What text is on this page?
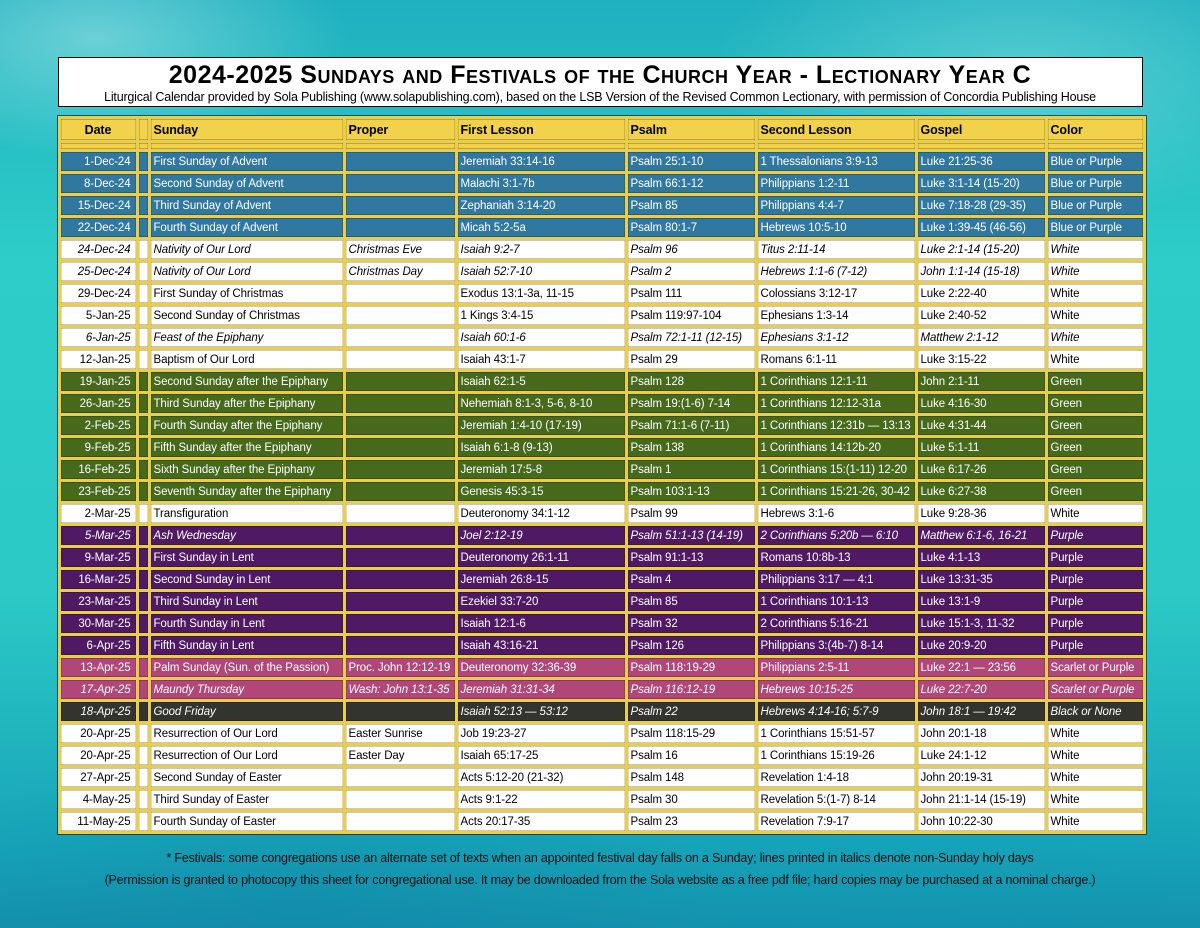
2024-2025 Sundays and Festivals of the Church Year - Lectionary Year C
Liturgical Calendar provided by Sola Publishing (www.solapublishing.com), based on the LSB Version of the Revised Common Lectionary, with permission of Concordia Publishing House
Date		Sunday	Proper	First Lesson	Psalm	Second Lesson	Gospel	Color

1-Dec-24		First Sunday of Advent		Jeremiah 33:14-16	Psalm 25:1-10	1 Thessalonians 3:9-13	Luke 21:25-36	Blue or Purple
8-Dec-24		Second Sunday of Advent		Malachi 3:1-7b	Psalm 66:1-12	Philippians 1:2-11	Luke 3:1-14 (15-20)	Blue or Purple
15-Dec-24		Third Sunday of Advent		Zephaniah 3:14-20	Psalm 85	Philippians 4:4-7	Luke 7:18-28 (29-35)	Blue or Purple
22-Dec-24		Fourth Sunday of Advent		Micah 5:2-5a	Psalm 80:1-7	Hebrews 10:5-10	Luke 1:39-45 (46-56)	Blue or Purple
24-Dec-24		Nativity of Our Lord	Christmas Eve	Isaiah 9:2-7	Psalm 96	Titus 2:11-14	Luke 2:1-14 (15-20)	White
25-Dec-24		Nativity of Our Lord	Christmas Day	Isaiah 52:7-10	Psalm 2	Hebrews 1:1-6 (7-12)	John 1:1-14 (15-18)	White
29-Dec-24		First Sunday of Christmas		Exodus 13:1-3a, 11-15	Psalm 111	Colossians 3:12-17	Luke 2:22-40	White
5-Jan-25		Second Sunday of Christmas		1 Kings 3:4-15	Psalm 119:97-104	Ephesians 1:3-14	Luke 2:40-52	White
6-Jan-25		Feast of the Epiphany		Isaiah 60:1-6	Psalm 72:1-11 (12-15)	Ephesians 3:1-12	Matthew 2:1-12	White
12-Jan-25		Baptism of Our Lord		Isaiah 43:1-7	Psalm 29	Romans 6:1-11	Luke 3:15-22	White
19-Jan-25		Second Sunday after the Epiphany		Isaiah 62:1-5	Psalm 128	1 Corinthians 12:1-11	John 2:1-11	Green
26-Jan-25		Third Sunday after the Epiphany		Nehemiah 8:1-3, 5-6, 8-10	Psalm 19:(1-6) 7-14	1 Corinthians 12:12-31a	Luke 4:16-30	Green
2-Feb-25		Fourth Sunday after the Epiphany		Jeremiah 1:4-10 (17-19)	Psalm 71:1-6 (7-11)	1 Corinthians 12:31b — 13:13	Luke 4:31-44	Green
9-Feb-25		Fifth Sunday after the Epiphany		Isaiah 6:1-8 (9-13)	Psalm 138	1 Corinthians 14:12b-20	Luke 5:1-11	Green
16-Feb-25		Sixth Sunday after the Epiphany		Jeremiah 17:5-8	Psalm 1	1 Corinthians 15:(1-11) 12-20	Luke 6:17-26	Green
23-Feb-25		Seventh Sunday after the Epiphany		Genesis 45:3-15	Psalm 103:1-13	1 Corinthians 15:21-26, 30-42	Luke 6:27-38	Green
2-Mar-25		Transfiguration		Deuteronomy 34:1-12	Psalm 99	Hebrews 3:1-6	Luke 9:28-36	White
5-Mar-25		Ash Wednesday		Joel 2:12-19	Psalm 51:1-13 (14-19)	2 Corinthians 5:20b — 6:10	Matthew 6:1-6, 16-21	Purple
9-Mar-25		First Sunday in Lent		Deuteronomy 26:1-11	Psalm 91:1-13	Romans 10:8b-13	Luke 4:1-13	Purple
16-Mar-25		Second Sunday in Lent		Jeremiah 26:8-15	Psalm 4	Philippians 3:17 — 4:1	Luke 13:31-35	Purple
23-Mar-25		Third Sunday in Lent		Ezekiel 33:7-20	Psalm 85	1 Corinthians 10:1-13	Luke 13:1-9	Purple
30-Mar-25		Fourth Sunday in Lent		Isaiah 12:1-6	Psalm 32	2 Corinthians 5:16-21	Luke 15:1-3, 11-32	Purple
6-Apr-25		Fifth Sunday in Lent		Isaiah 43:16-21	Psalm 126	Philippians 3:(4b-7) 8-14	Luke 20:9-20	Purple
13-Apr-25		Palm Sunday (Sun. of the Passion)	Proc. John 12:12-19	Deuteronomy 32:36-39	Psalm 118:19-29	Philippians 2:5-11	Luke 22:1 — 23:56	Scarlet or Purple
17-Apr-25		Maundy Thursday	Wash: John 13:1-35	Jeremiah 31:31-34	Psalm 116:12-19	Hebrews 10:15-25	Luke 22:7-20	Scarlet or Purple
18-Apr-25		Good Friday		Isaiah 52:13 — 53:12	Psalm 22	Hebrews 4:14-16; 5:7-9	John 18:1 — 19:42	Black or None
20-Apr-25		Resurrection of Our Lord	Easter Sunrise	Job 19:23-27	Psalm 118:15-29	1 Corinthians 15:51-57	John 20:1-18	White
20-Apr-25		Resurrection of Our Lord	Easter Day	Isaiah 65:17-25	Psalm 16	1 Corinthians 15:19-26	Luke 24:1-12	White
27-Apr-25		Second Sunday of Easter		Acts 5:12-20 (21-32)	Psalm 148	Revelation 1:4-18	John 20:19-31	White
4-May-25		Third Sunday of Easter		Acts 9:1-22	Psalm 30	Revelation 5:(1-7) 8-14	John 21:1-14 (15-19)	White
11-May-25		Fourth Sunday of Easter		Acts 20:17-35	Psalm 23	Revelation 7:9-17	John 10:22-30	White
* Festivals: some congregations use an alternate set of texts when an appointed festival day falls on a Sunday; lines printed in italics denote non-Sunday holy days
(Permission is granted to photocopy this sheet for congregational use. It may be downloaded from the Sola website as a free pdf file; hard copies may be purchased at a nominal charge.)
